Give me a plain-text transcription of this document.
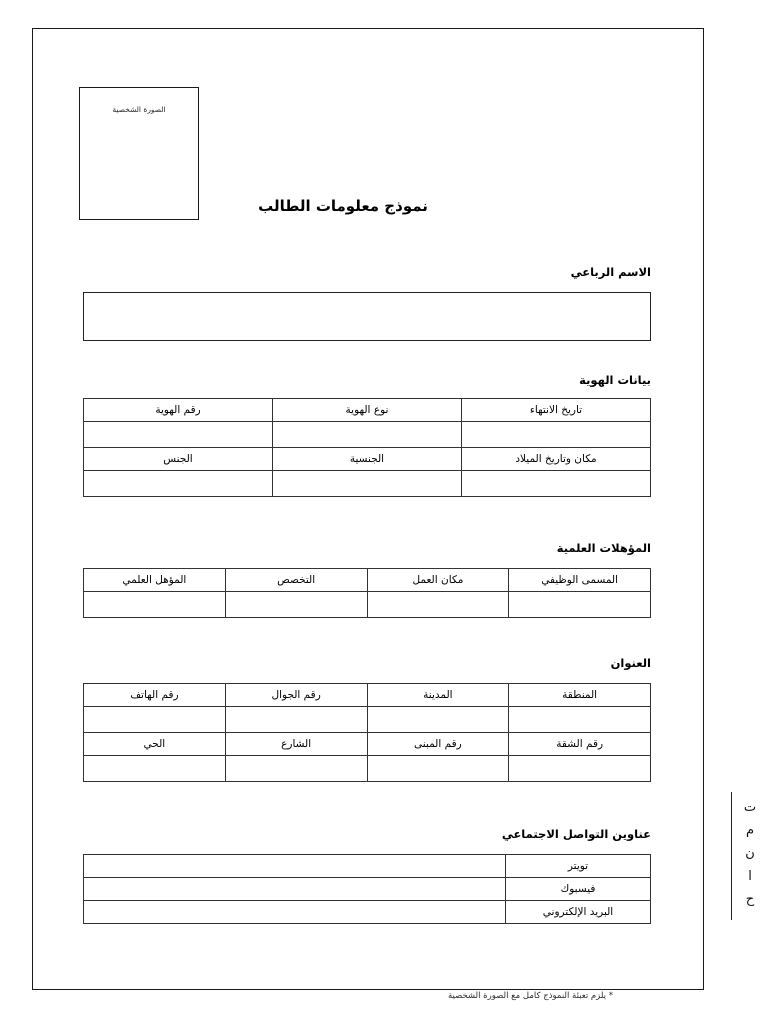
الصورة الشخصية
نموذج معلومات الطالب
الاسم الرباعي
بيانات الهوية
تاريخ الانتهاء	نوع الهوية	رقم الهوية

مكان وتاريخ الميلاد	الجنسية	الجنس

المؤهلات العلمية
المسمى الوظيفي	مكان العمل	التخصص	المؤهل العلمي

العنوان
المنطقة	المدينة	رقم الجوال	رقم الهاتف

رقم الشقة	رقم المبنى	الشارع	الحي

عناوين التواصل الاجتماعي
تويتر	
فيسبوك	
البريد الإلكتروني	
* يلزم تعبئة النموذج كامل مع الصورة الشخصية
ت
م
ن
ا
ح
